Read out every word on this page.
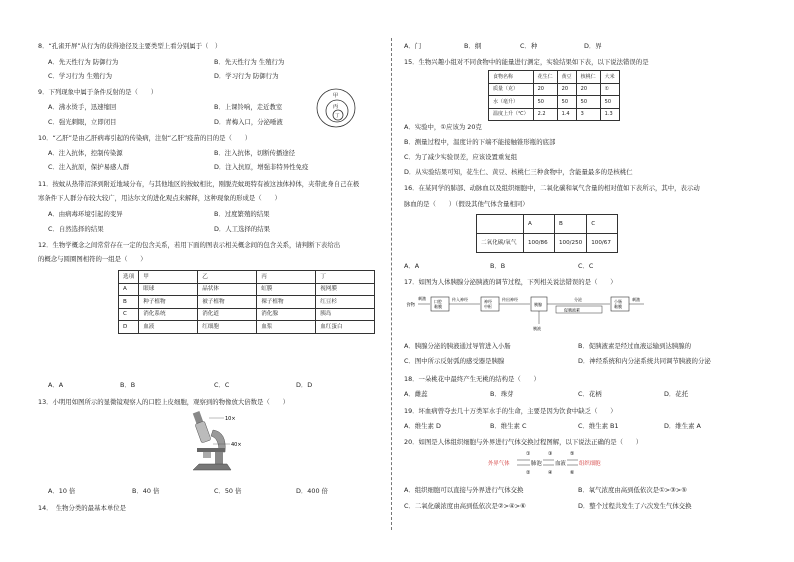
8．“孔雀开屏”从行为的获得途径及主要类型上看分别属于（　）
A．先天性行为 防御行为	B．先天性行为 生殖行为
C．学习行为 生殖行为	D．学习行为 防御行为
9．下列现象中属于条件反射的是（　　）
A．沸水烫手，迅速缩回	B．上课铃响，走近教室
C．强光刺眼，立即闭目	D．青梅入口，分泌唾液
甲
丙
丁
10．“乙肝”是由乙肝病毒引起的传染病，注射“乙肝”疫苗的目的是（　　）
A．注入抗体，控制传染源	B．注入抗体，切断传播途径
C．注入抗原，保护易感人群	D．注入抗原，增强非特异性免疫
11．按蚊从热带沼泽到附近地域分布，与其他地区的按蚊相比，刚脱壳蚊斑特有被这浊体掉体，夹带此身自己在极
寒条件下人群分布较大较广，用达尔文的进化观点来解释，这种现象的形成是（　　）
A．由病毒环境引起的变异	B．过度繁殖的结果
C．自然选择的结果	D．人工选择的结果
12．生物学概念之间常常存在一定的包含关系，若用下面的图表示相关概念间的包含关系，请判断下表给出
的概念与圆圈图相符的一组是（　　）
选项	甲	乙	丙	丁
A	眼球	晶状体	虹膜	视网膜
B	种子植物	被子植物	裸子植物	红豆杉
C	消化系统	消化道	消化腺	胰岛
D	血液	红细胞	血浆	血红蛋白
A．A	B．B	C．C	D．D
13．小明用如图所示的显微镜观察人的口腔上皮细胞，观察到的物像放大倍数是（　　）
10×
40×
A．10 倍	B．40 倍	C．50 倍	D．400 倍
14．　生物分类的最基本单位是
A．门	B．纲	C．种	D．界
15．生物兴趣小组对不同食物中的能量进行测定，实验结果如下表，以下说法错误的是
食物名称	花生仁	黄豆	核桃仁	大米
质量（克）	20	20	20	①
水（毫升）	50	50	50	50
温度上升（℃）	2.2	1.4	3	1.3
A．实验中，①应该为 20克
B．测量过程中，温度计的下端不能接触锥形瓶的底部
C．为了减少实验误差，应该设置重复组
D．从实验结果可知，花生仁、黄豆、核桃仁三种食物中，含能量最多的是核桃仁
16．在某同学的肺部、动脉血以及组织细胞中，二氧化碳和氧气含量的相对值如下表所示，其中，表示动
脉血的是（　　）（假设其他气体含量相同）
	A	B	C
二氧化碳/氧气	100/86	100/250	100/67
A．A	B．B	C．C
17．如图为人体胰腺分泌胰液的调节过程，下列相关说法错误的是（　　）
食物
刺激
口腔黏膜
传入神经	神经中枢
传出神经
胰腺
胰液
分泌
促胰液素
小肠黏膜
刺激
A．胰腺分泌的胰液通过导管进入小肠	B．促胰液素是经过血液运输到达胰腺的
C．图中所示反射弧的感受器是胰腺	D．神经系统和内分泌系统共同调节胰液的分泌
18．一朵桃花中最终产生无桃的结构是（　　）
A．雌蕊	B．珠芽	C．花柄	D．花托
19．坏血病曾夺去几十万类军水手的生命，主要是因为饮食中缺乏（　　）
A．维生素 D	B．维生素 C	C．维生素 B1	D．维生素 A
20．如图是人体组织细胞与外界进行气体交换过程图解，以下说法正确的是（　　）
①	③	⑤
外界气体	肺泡 血液 组织细胞
②	④	⑥
A．组织细胞可以直接与外界进行气体交换	B．氧气浓度由高到低依次是①>③>⑤
C．二氧化碳浓度由高到低依次是②>④>⑥	D．整个过程共发生了六次发生气体交换
